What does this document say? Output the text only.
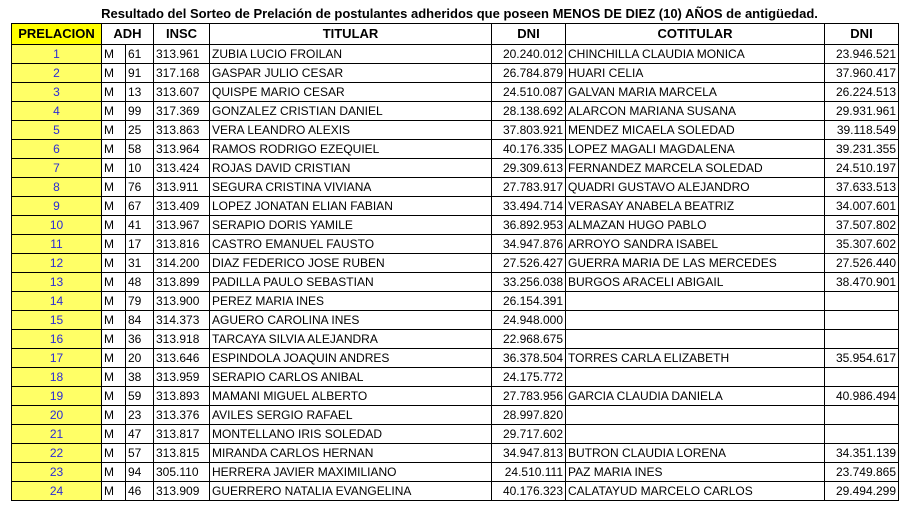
Resultado del Sorteo de Prelación de postulantes adheridos que poseen MENOS DE DIEZ (10) AÑOS de antigüedad.
PRELACION	ADH		INSC	TITULAR	DNI	COTITULAR	DNI
1	M	61	313.961	ZUBIA LUCIO FROILAN	20.240.012	CHINCHILLA CLAUDIA MONICA	23.946.521
2	M	91	317.168	GASPAR JULIO CESAR	26.784.879	HUARI CELIA	37.960.417
3	M	13	313.607	QUISPE MARIO CESAR	24.510.087	GALVAN MARIA MARCELA	26.224.513
4	M	99	317.369	GONZALEZ CRISTIAN DANIEL	28.138.692	ALARCON MARIANA SUSANA	29.931.961
5	M	25	313.863	VERA LEANDRO ALEXIS	37.803.921	MENDEZ MICAELA SOLEDAD	39.118.549
6	M	58	313.964	RAMOS RODRIGO EZEQUIEL	40.176.335	LOPEZ MAGALI MAGDALENA	39.231.355
7	M	10	313.424	ROJAS DAVID CRISTIAN	29.309.613	FERNANDEZ MARCELA SOLEDAD	24.510.197
8	M	76	313.911	SEGURA CRISTINA VIVIANA	27.783.917	QUADRI GUSTAVO ALEJANDRO	37.633.513
9	M	67	313.409	LOPEZ JONATAN ELIAN FABIAN	33.494.714	VERASAY ANABELA BEATRIZ	34.007.601
10	M	41	313.967	SERAPIO DORIS YAMILE	36.892.953	ALMAZAN HUGO PABLO	37.507.802
11	M	17	313.816	CASTRO EMANUEL FAUSTO	34.947.876	ARROYO SANDRA ISABEL	35.307.602
12	M	31	314.200	DIAZ FEDERICO JOSE RUBEN	27.526.427	GUERRA MARIA DE LAS MERCEDES	27.526.440
13	M	48	313.899	PADILLA PAULO SEBASTIAN	33.256.038	BURGOS ARACELI ABIGAIL	38.470.901
14	M	79	313.900	PEREZ MARIA INES	26.154.391		
15	M	84	314.373	AGUERO CAROLINA INES	24.948.000		
16	M	36	313.918	TARCAYA SILVIA ALEJANDRA	22.968.675		
17	M	20	313.646	ESPINDOLA JOAQUIN ANDRES	36.378.504	TORRES CARLA ELIZABETH	35.954.617
18	M	38	313.959	SERAPIO CARLOS ANIBAL	24.175.772		
19	M	59	313.893	MAMANI MIGUEL ALBERTO	27.783.956	GARCIA CLAUDIA DANIELA	40.986.494
20	M	23	313.376	AVILES SERGIO RAFAEL	28.997.820		
21	M	47	313.817	MONTELLANO IRIS SOLEDAD	29.717.602		
22	M	57	313.815	MIRANDA CARLOS HERNAN	34.947.813	BUTRON CLAUDIA LORENA	34.351.139
23	M	94	305.110	HERRERA JAVIER MAXIMILIANO	24.510.111	PAZ MARIA INES	23.749.865
24	M	46	313.909	GUERRERO NATALIA EVANGELINA	40.176.323	CALATAYUD MARCELO CARLOS	29.494.299
